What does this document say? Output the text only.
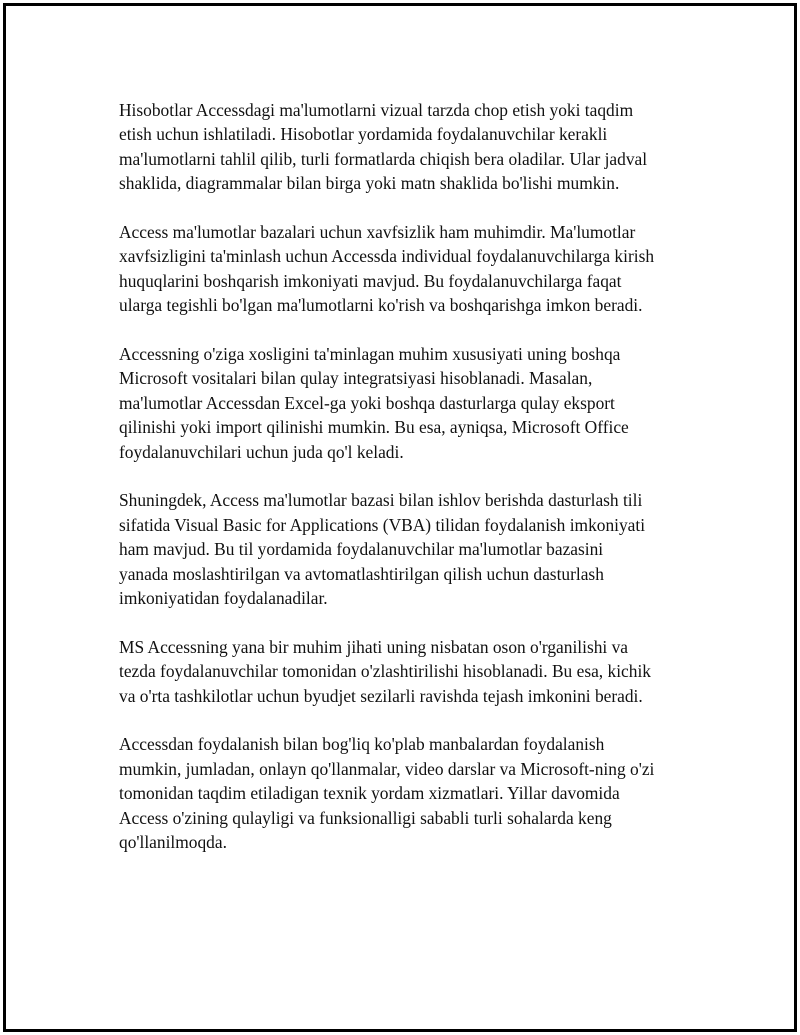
Hisobotlar Accessdagi ma'lumotlarni vizual tarzda chop etish yoki taqdim
etish uchun ishlatiladi. Hisobotlar yordamida foydalanuvchilar kerakli
ma'lumotlarni tahlil qilib, turli formatlarda chiqish bera oladilar. Ular jadval
shaklida, diagrammalar bilan birga yoki matn shaklida bo'lishi mumkin.

Access ma'lumotlar bazalari uchun xavfsizlik ham muhimdir. Ma'lumotlar
xavfsizligini ta'minlash uchun Accessda individual foydalanuvchilarga kirish
huquqlarini boshqarish imkoniyati mavjud. Bu foydalanuvchilarga faqat
ularga tegishli bo'lgan ma'lumotlarni ko'rish va boshqarishga imkon beradi.

Accessning o'ziga xosligini ta'minlagan muhim xususiyati uning boshqa
Microsoft vositalari bilan qulay integratsiyasi hisoblanadi. Masalan,
ma'lumotlar Accessdan Excel-ga yoki boshqa dasturlarga qulay eksport
qilinishi yoki import qilinishi mumkin. Bu esa, ayniqsa, Microsoft Office
foydalanuvchilari uchun juda qo'l keladi.

Shuningdek, Access ma'lumotlar bazasi bilan ishlov berishda dasturlash tili
sifatida Visual Basic for Applications (VBA) tilidan foydalanish imkoniyati
ham mavjud. Bu til yordamida foydalanuvchilar ma'lumotlar bazasini
yanada moslashtirilgan va avtomatlashtirilgan qilish uchun dasturlash
imkoniyatidan foydalanadilar.

MS Accessning yana bir muhim jihati uning nisbatan oson o'rganilishi va
tezda foydalanuvchilar tomonidan o'zlashtirilishi hisoblanadi. Bu esa, kichik
va o'rta tashkilotlar uchun byudjet sezilarli ravishda tejash imkonini beradi.

Accessdan foydalanish bilan bog'liq ko'plab manbalardan foydalanish
mumkin, jumladan, onlayn qo'llanmalar, video darslar va Microsoft-ning o'zi
tomonidan taqdim etiladigan texnik yordam xizmatlari. Yillar davomida
Access o'zining qulayligi va funksionalligi sababli turli sohalarda keng
qo'llanilmoqda.
